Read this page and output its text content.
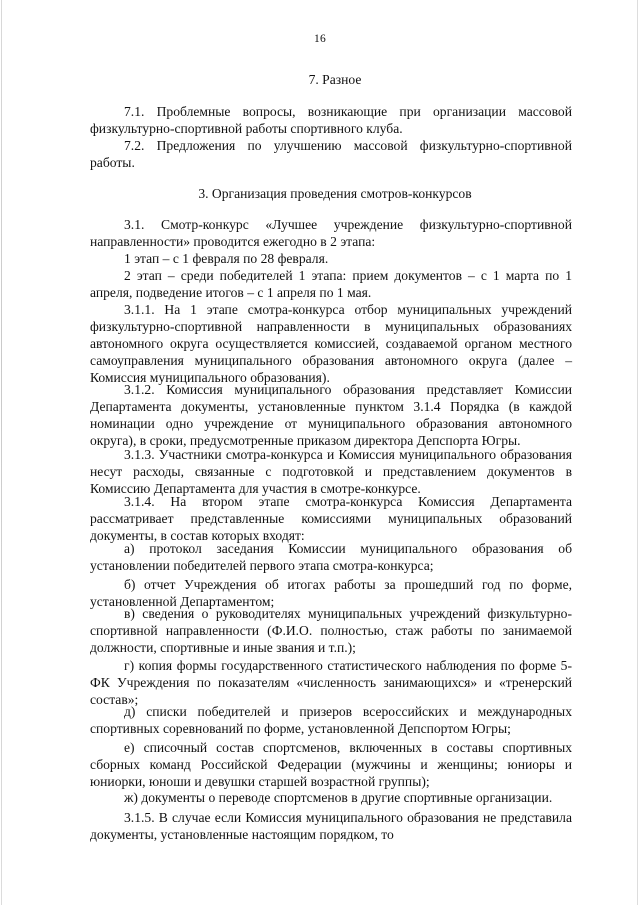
16
7. Разное

7.1. Проблемные вопросы, возникающие при организации массовой физкультурно-спортивной работы спортивного клуба.

7.2. Предложения по улучшению массовой физкультурно-спортивной работы.

3. Организация проведения смотров-конкурсов

3.1. Смотр-конкурс «Лучшее учреждение физкультурно-спортивной направленности» проводится ежегодно в 2 этапа:

1 этап – с 1 февраля по 28 февраля.

2 этап – среди победителей 1 этапа: прием документов – с 1 марта по 1 апреля, подведение итогов – с 1 апреля по 1 мая.

3.1.1. На 1 этапе смотра-конкурса отбор муниципальных учреждений физкультурно-спортивной направленности в муниципальных образованиях автономного округа осуществляется комиссией, создаваемой органом местного самоуправления муниципального образования автономного округа (далее – Комиссия муниципального образования).

3.1.2. Комиссия муниципального образования представляет Комиссии Департамента документы, установленные пунктом 3.1.4 Порядка (в каждой номинации одно учреждение от муниципального образования автономного округа), в сроки, предусмотренные приказом директора Депспорта Югры.

3.1.3. Участники смотра-конкурса и Комиссия муниципального образования несут расходы, связанные с подготовкой и представлением документов в Комиссию Департамента для участия в смотре-конкурсе.

3.1.4. На втором этапе смотра-конкурса Комиссия Департамента рассматривает представленные комиссиями муниципальных образований документы, в состав которых входят:

а) протокол заседания Комиссии муниципального образования об установлении победителей первого этапа смотра-конкурса;

б) отчет Учреждения об итогах работы за прошедший год по форме, установленной Департаментом;

в) сведения о руководителях муниципальных учреждений физкультурно-спортивной направленности (Ф.И.О. полностью, стаж работы по занимаемой должности, спортивные и иные звания и т.п.);

г) копия формы государственного статистического наблюдения по форме 5-ФК Учреждения по показателям «численность занимающихся» и «тренерский состав»;

д) списки победителей и призеров всероссийских и международных спортивных соревнований по форме, установленной Депспортом Югры;

е) списочный состав спортсменов, включенных в составы спортивных сборных команд Российской Федерации (мужчины и женщины; юниоры и юниорки, юноши и девушки старшей возрастной группы);

ж) документы о переводе спортсменов в другие спортивные организации.

3.1.5. В случае если Комиссия муниципального образования не представила документы, установленные настоящим порядком, то
